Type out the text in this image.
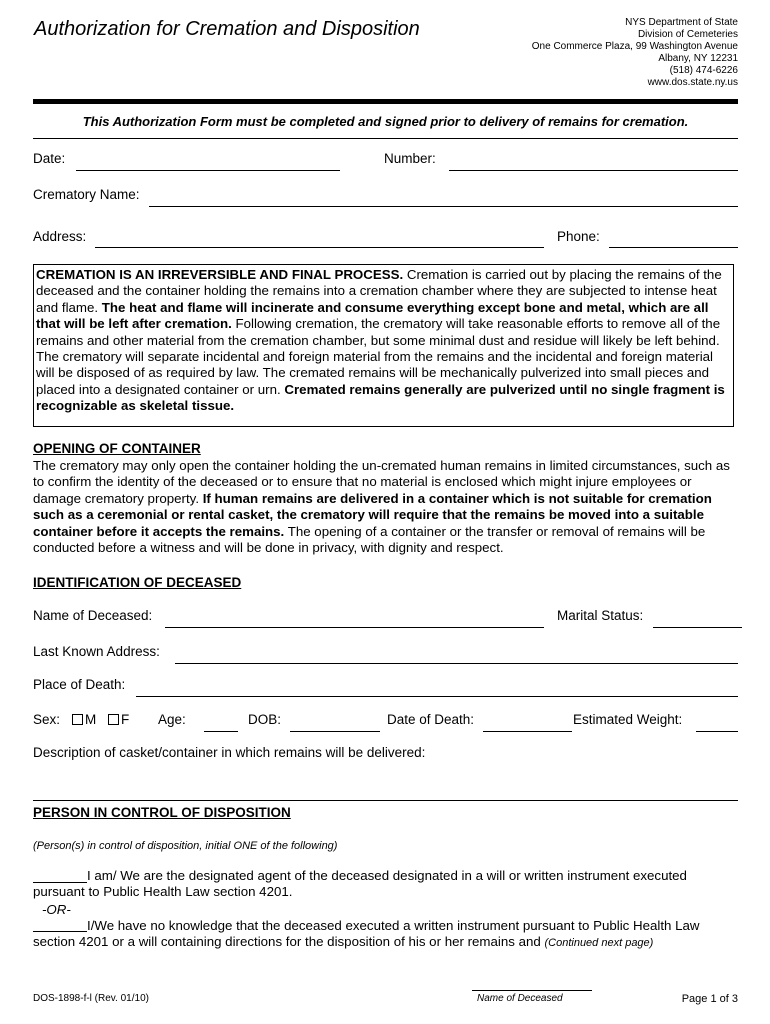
Authorization for Cremation and Disposition	NYS Department of State
Division of Cemeteries
One Commerce Plaza, 99 Washington Avenue
Albany, NY 12231
(518) 474-6226
www.dos.state.ny.us
This Authorization Form must be completed and signed prior to delivery of remains for cremation.
Date:	Number:
Crematory Name:
Address:	Phone:
CREMATION IS AN IRREVERSIBLE AND FINAL PROCESS. Cremation is carried out by placing the remains of the deceased and the container holding the remains into a cremation chamber where they are subjected to intense heat and flame. The heat and flame will incinerate and consume everything except bone and metal, which are all that will be left after cremation. Following cremation, the crematory will take reasonable efforts to remove all of the remains and other material from the cremation chamber, but some minimal dust and residue will likely be left behind. The crematory will separate incidental and foreign material from the remains and the incidental and foreign material will be disposed of as required by law. The cremated remains will be mechanically pulverized into small pieces and placed into a designated container or urn. Cremated remains generally are pulverized until no single fragment is recognizable as skeletal tissue.
OPENING OF CONTAINER
The crematory may only open the container holding the un-cremated human remains in limited circumstances, such as to confirm the identity of the deceased or to ensure that no material is enclosed which might injure employees or damage crematory property. If human remains are delivered in a container which is not suitable for cremation such as a ceremonial or rental casket, the crematory will require that the remains be moved into a suitable container before it accepts the remains. The opening of a container or the transfer or removal of remains will be conducted before a witness and will be done in privacy, with dignity and respect.
IDENTIFICATION OF DECEASED
Name of Deceased:	Marital Status:
Last Known Address:
Place of Death:
Sex:	M	F Age:	DOB:	Date of Death:	Estimated Weight:
Description of casket/container in which remains will be delivered:
PERSON IN CONTROL OF DISPOSITION
(Person(s) in control of disposition, initial ONE of the following)
I am/ We are the designated agent of the deceased designated in a will or written instrument executed pursuant to Public Health Law section 4201.
-OR-
I/We have no knowledge that the deceased executed a written instrument pursuant to Public Health Law section 4201 or a will containing directions for the disposition of his or her remains and (Continued next page)
DOS-1898-f-l (Rev. 01/10)	Name of Deceased	Page 1 of 3
